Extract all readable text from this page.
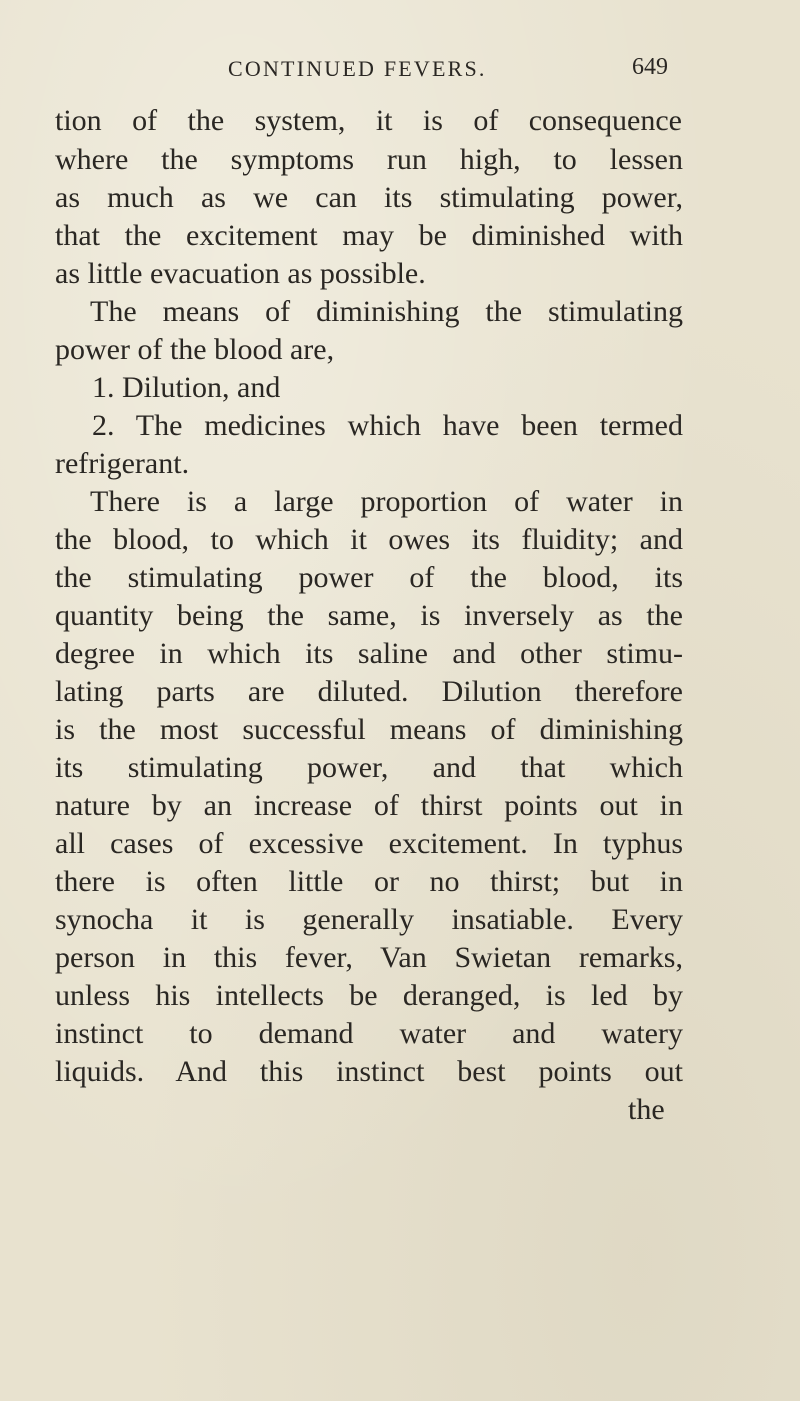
CONTINUED FEVERS.	649
tion of the system, it is of consequence
where the symptoms run high, to lessen
as much as we can its stimulating power,
that the excitement may be diminished with
as little evacuation as possible.
The means of diminishing the stimulating
power of the blood are,
1. Dilution, and
2. The medicines which have been termed
refrigerant.
There is a large proportion of water in
the blood, to which it owes its fluidity; and
the stimulating power of the blood, its
quantity being the same, is inversely as the
degree in which its saline and other stimu-
lating parts are diluted. Dilution therefore
is the most successful means of diminishing
its stimulating power, and that which
nature by an increase of thirst points out in
all cases of excessive excitement. In typhus
there is often little or no thirst; but in
synocha it is generally insatiable. Every
person in this fever, Van Swietan remarks,
unless his intellects be deranged, is led by
instinct to demand water and watery
liquids. And this instinct best points out
the
